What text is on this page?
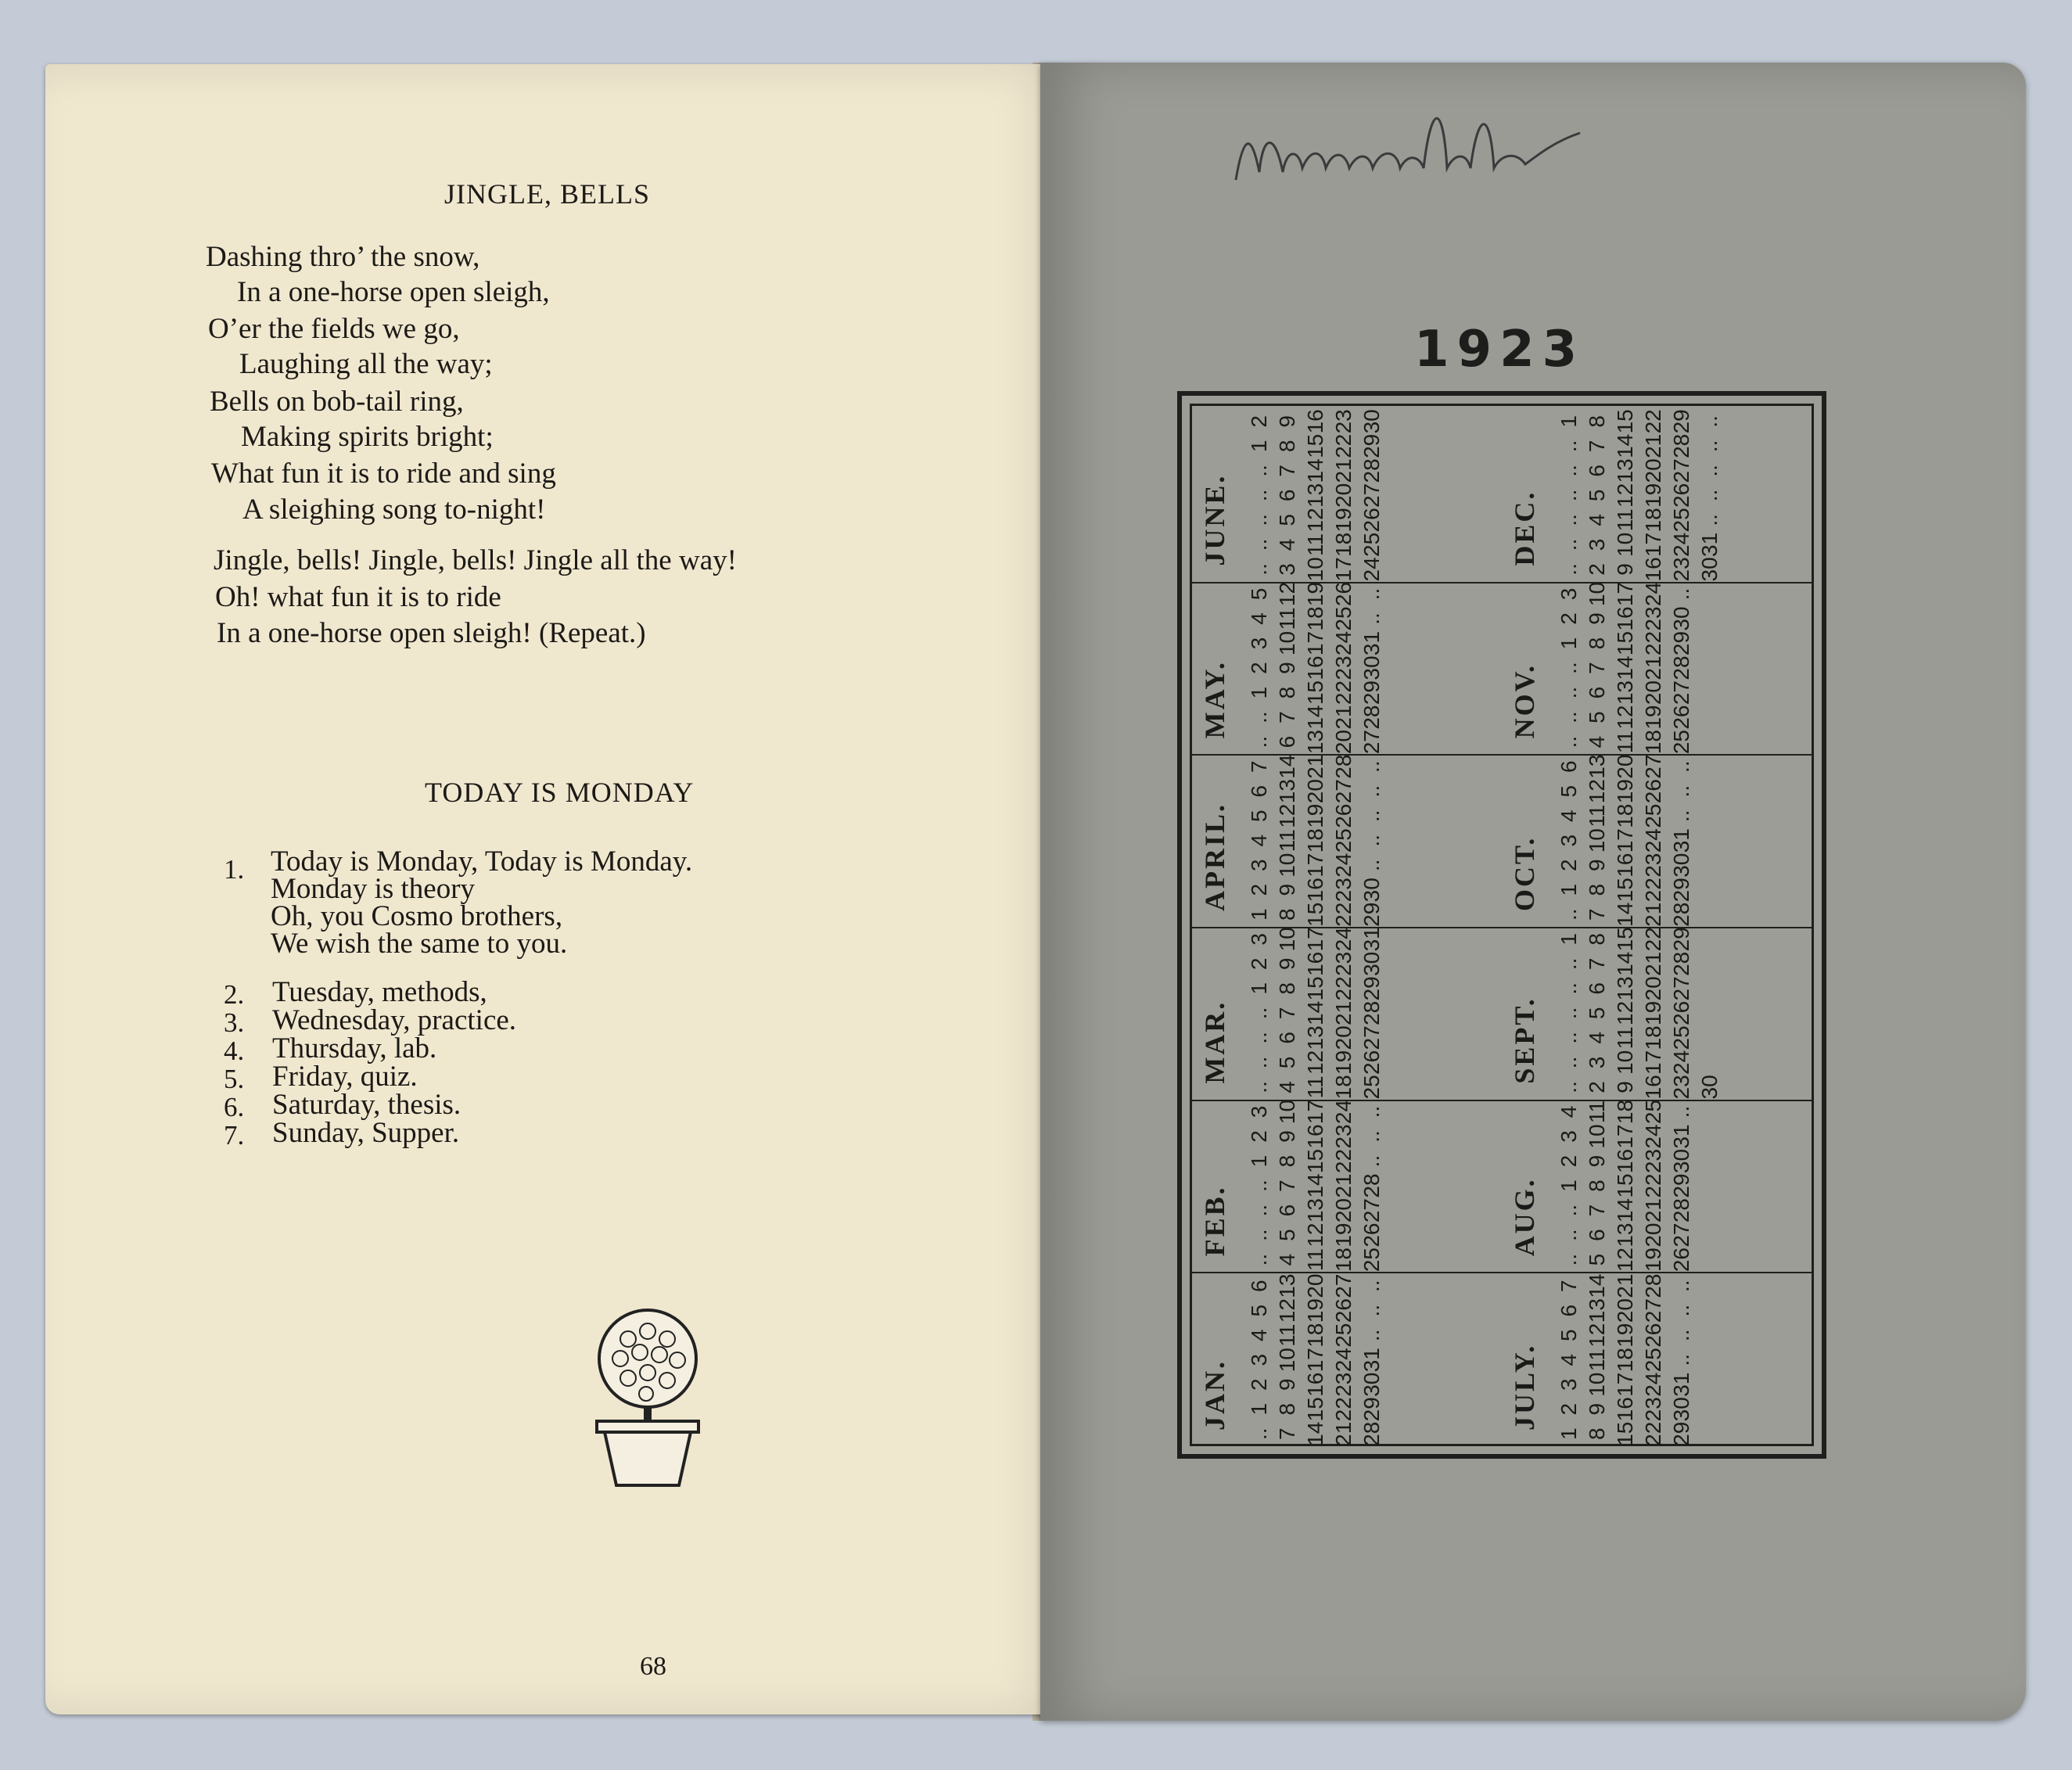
JINGLE, BELLS
Dashing thro’ the snow,
In a one-horse open sleigh,
O’er the fields we go,
Laughing all the way;
Bells on bob-tail ring,
Making spirits bright;
What fun it is to ride and sing
A sleighing song to-night!
Jingle, bells! Jingle, bells! Jingle all the way!
Oh! what fun it is to ride
In a one-horse open sleigh! (Repeat.)
TODAY IS MONDAY
1. Today is Monday, Today is Monday.
Monday is theory
Oh, you Cosmo brothers,
We wish the same to you.
2. Tuesday, methods,
3. Wednesday, practice.
4. Thursday, lab.
5. Friday, quiz.
6. Saturday, thesis.
7. Sunday, Supper.
68
1923
JAN.
..
1
2
3
4
5
6
7
8
9
10
11
12
13
14
15
16
17
18
19
20
21
22
23
24
25
26
27
28
29
30
31
..
..
..
FEB.
..
..
..
..
1
2
3
4
5
6
7
8
9
10
11
12
13
14
15
16
17
18
19
20
21
22
23
24
25
26
27
28
..
..
..
MAR.
..
..
..
..
1
2
3
4
5
6
7
8
9
10
11
12
13
14
15
16
17
18
19
20
21
22
23
24
25
26
27
28
29
30
31
APRIL.
1
2
3
4
5
6
7
8
9
10
11
12
13
14
15
16
17
18
19
20
21
22
23
24
25
26
27
28
29
30
..
..
..
..
..
MAY.
..
..
1
2
3
4
5
6
7
8
9
10
11
12
13
14
15
16
17
18
19
20
21
22
23
24
25
26
27
28
29
30
31
..
..
JUNE.
..
..
..
..
..
1
2
3
4
5
6
7
8
9
10
11
12
13
14
15
16
17
18
19
20
21
22
23
24
25
26
27
28
29
30
JULY.
1
2
3
4
5
6
7
8
9
10
11
12
13
14
15
16
17
18
19
20
21
22
23
24
25
26
27
28
29
30
31
..
..
..
..
AUG.
..
..
..
1
2
3
4
5
6
7
8
9
10
11
12
13
14
15
16
17
18
19
20
21
22
23
24
25
26
27
28
29
30
31
..
SEPT.
..
..
..
..
..
..
1
2
3
4
5
6
7
8
9
10
11
12
13
14
15
16
17
18
19
20
21
22
23
24
25
26
27
28
29
30
OCT.
..
1
2
3
4
5
6
7
8
9
10
11
12
13
14
15
16
17
18
19
20
21
22
23
24
25
26
27
28
29
30
31
..
..
..
NOV.
..
..
..
..
1
2
3
4
5
6
7
8
9
10
11
12
13
14
15
16
17
18
19
20
21
22
23
24
25
26
27
28
29
30
..
DEC.
..
..
..
..
..
..
1
2
3
4
5
6
7
8
9
10
11
12
13
14
15
16
17
18
19
20
21
22
23
24
25
26
27
28
29
30
31
..
..
..
..
..
